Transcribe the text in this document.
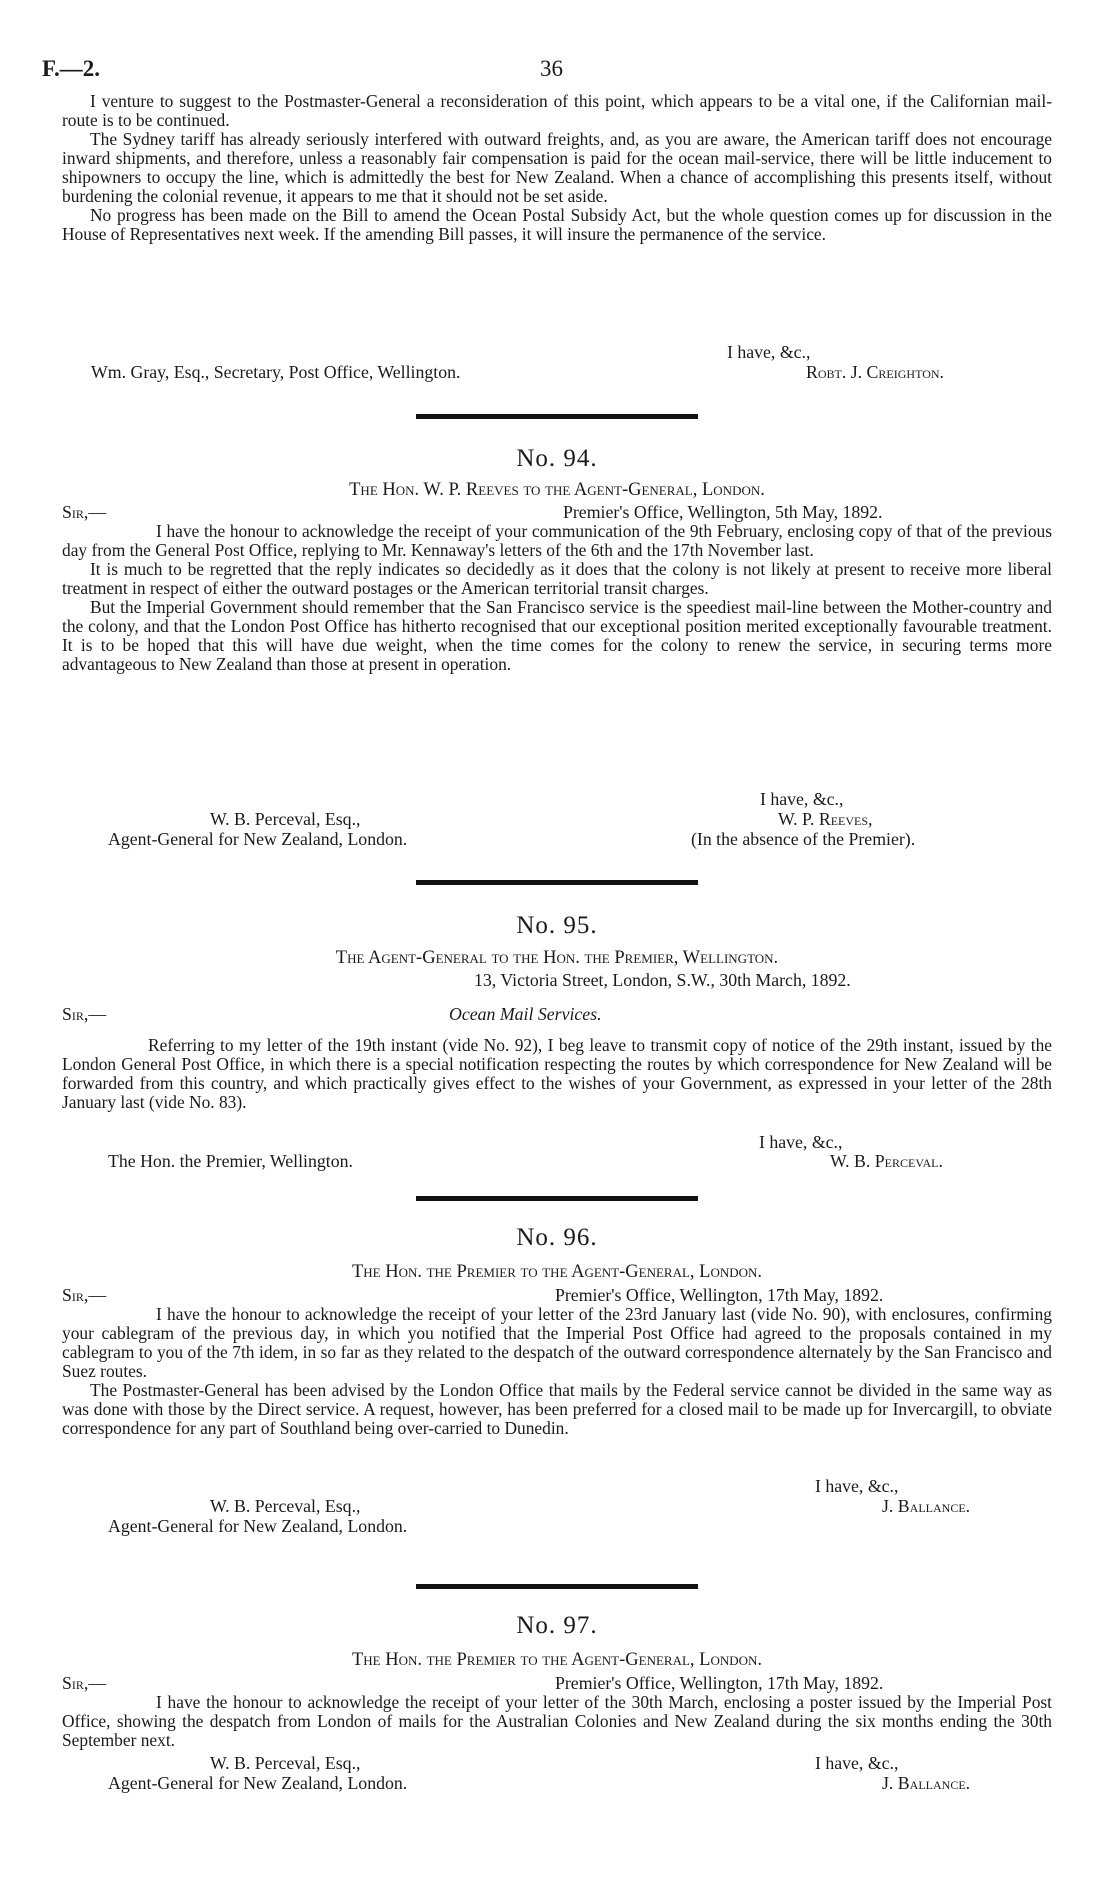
F.—2.	36

I venture to suggest to the Postmaster-General a reconsideration of this point, which appears to be a vital one, if the Californian mail-route is to be continued.

The Sydney tariff has already seriously interfered with outward freights, and, as you are aware, the American tariff does not encourage inward shipments, and therefore, unless a reasonably fair compensation is paid for the ocean mail-service, there will be little inducement to shipowners to occupy the line, which is admittedly the best for New Zealand. When a chance of accomplishing this presents itself, without burdening the colonial revenue, it appears to me that it should not be set aside.

No progress has been made on the Bill to amend the Ocean Postal Subsidy Act, but the whole question comes up for discussion in the House of Representatives next week. If the amending Bill passes, it will insure the permanence of the service.

I have, &c.,
Wm. Gray, Esq., Secretary, Post Office, Wellington.	Robt. J. Creighton.
No. 94.
The Hon. W. P. Reeves to the Agent-General, London.
Sir,—	Premier's Office, Wellington, 5th May, 1892.

I have the honour to acknowledge the receipt of your communication of the 9th February, enclosing copy of that of the previous day from the General Post Office, replying to Mr. Kennaway's letters of the 6th and the 17th November last.

It is much to be regretted that the reply indicates so decidedly as it does that the colony is not likely at present to receive more liberal treatment in respect of either the outward postages or the American territorial transit charges.

But the Imperial Government should remember that the San Francisco service is the speediest mail-line between the Mother-country and the colony, and that the London Post Office has hitherto recognised that our exceptional position merited exceptionally favourable treatment. It is to be hoped that this will have due weight, when the time comes for the colony to renew the service, in securing terms more advantageous to New Zealand than those at present in operation.

I have, &c.,
W. B. Perceval, Esq.,	W. P. Reeves,
Agent-General for New Zealand, London.	(In the absence of the Premier).
No. 95.
The Agent-General to the Hon. the Premier, Wellington.
13, Victoria Street, London, S.W., 30th March, 1892.
Sir,—	Ocean Mail Services.

Referring to my letter of the 19th instant (vide No. 92), I beg leave to transmit copy of notice of the 29th instant, issued by the London General Post Office, in which there is a special notification respecting the routes by which correspondence for New Zealand will be forwarded from this country, and which practically gives effect to the wishes of your Government, as expressed in your letter of the 28th January last (vide No. 83).

I have, &c.,
The Hon. the Premier, Wellington.	W. B. Perceval.
No. 96.
The Hon. the Premier to the Agent-General, London.
Sir,—	Premier's Office, Wellington, 17th May, 1892.

I have the honour to acknowledge the receipt of your letter of the 23rd January last (vide No. 90), with enclosures, confirming your cablegram of the previous day, in which you notified that the Imperial Post Office had agreed to the proposals contained in my cablegram to you of the 7th idem, in so far as they related to the despatch of the outward correspondence alternately by the San Francisco and Suez routes.

The Postmaster-General has been advised by the London Office that mails by the Federal service cannot be divided in the same way as was done with those by the Direct service. A request, however, has been preferred for a closed mail to be made up for Invercargill, to obviate correspondence for any part of Southland being over-carried to Dunedin.

I have, &c.,
W. B. Perceval, Esq.,	J. Ballance.
Agent-General for New Zealand, London.
No. 97.
The Hon. the Premier to the Agent-General, London.
Sir,—	Premier's Office, Wellington, 17th May, 1892.

I have the honour to acknowledge the receipt of your letter of the 30th March, enclosing a poster issued by the Imperial Post Office, showing the despatch from London of mails for the Australian Colonies and New Zealand during the six months ending the 30th September next.

W. B. Perceval, Esq.,	I have, &c.,
Agent-General for New Zealand, London.	J. Ballance.
